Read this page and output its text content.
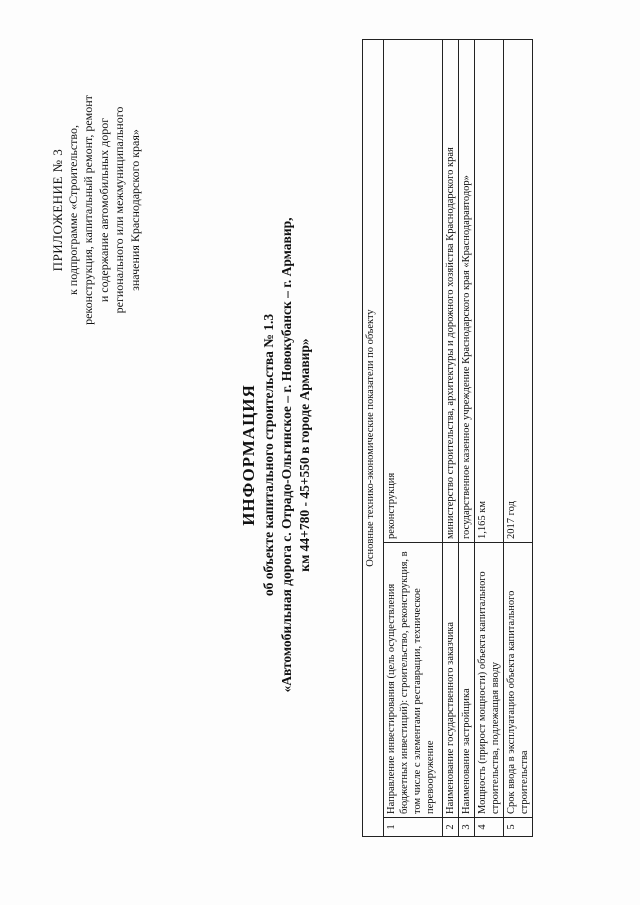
ПРИЛОЖЕНИЕ № 3 к подпрограмме «Строительство, реконструкция, капитальный ремонт, ремонт и содержание автомобильных дорог регионального или межмуниципального значения Краснодарского края»
ИНФОРМАЦИЯ об объекте капитального строительства № 1.3 «Автомобильная дорога с. Отрадо-Ольгинское – г. Новокубанск – г. Армавир, км 44+780 - 45+550 в городе Армавир»	Основные технико-экономические показатели по объекту		
1	Направление инвестирования (цель осуществления бюджетных инвестиций): строительство, реконструкция, в том числе с элементами реставрации, техническое перевооружение	реконструкция
2	Наименование государственного заказчика	министерство строительства, архитектуры и дорожного хозяйства Краснодарского края
3	Наименование застройщика	государственное казенное учреждение Краснодарского края «Краснодаравтодор»
4	Мощность (прирост мощности) объекта капитального строительства, подлежащая вводу	1,165 км
5	Срок ввода в эксплуатацию объекта капитального строительства	2017 год
